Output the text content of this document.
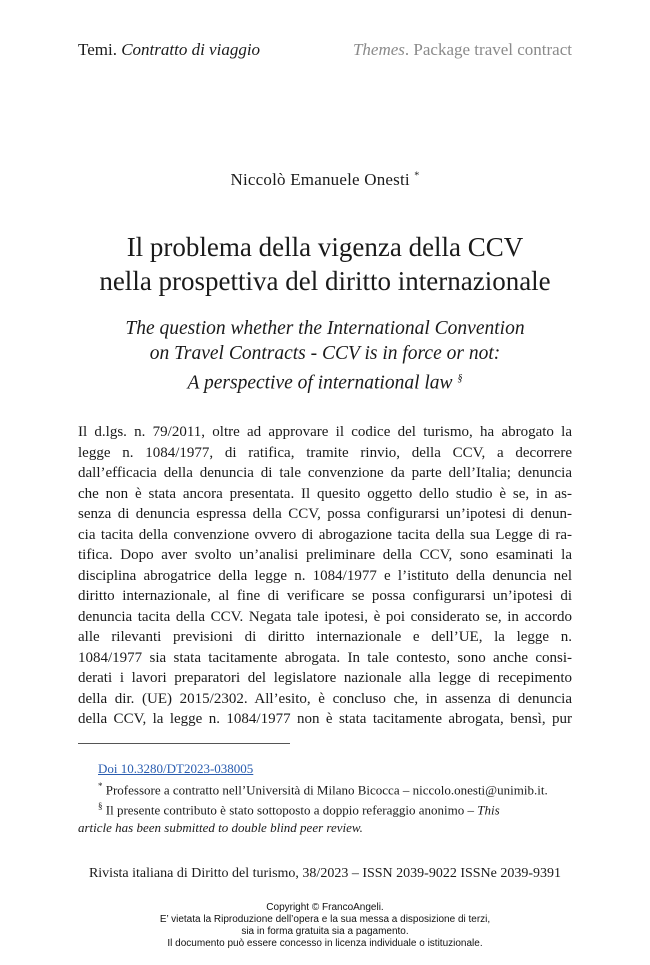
Temi. Contratto di viaggio	Themes. Package travel contract
Niccolò Emanuele Onesti *
Il problema della vigenza della CCV
nella prospettiva del diritto internazionale
The question whether the International Convention
on Travel Contracts - CCV is in force or not:
A perspective of international law §
Il d.lgs. n. 79/2011, oltre ad approvare il codice del turismo, ha abrogato la
legge n. 1084/1977, di ratifica, tramite rinvio, della CCV, a decorrere
dall’efficacia della denuncia di tale convenzione da parte dell’Italia; denuncia
che non è stata ancora presentata. Il quesito oggetto dello studio è se, in as-
senza di denuncia espressa della CCV, possa configurarsi un’ipotesi di denun-
cia tacita della convenzione ovvero di abrogazione tacita della sua Legge di ra-
tifica. Dopo aver svolto un’analisi preliminare della CCV, sono esaminati la
disciplina abrogatrice della legge n. 1084/1977 e l’istituto della denuncia nel
diritto internazionale, al fine di verificare se possa configurarsi un’ipotesi di
denuncia tacita della CCV. Negata tale ipotesi, è poi considerato se, in accordo
alle rilevanti previsioni di diritto internazionale e dell’UE, la legge n.
1084/1977 sia stata tacitamente abrogata. In tale contesto, sono anche consi-
derati i lavori preparatori del legislatore nazionale alla legge di recepimento
della dir. (UE) 2015/2302. All’esito, è concluso che, in assenza di denuncia
della CCV, la legge n. 1084/1977 non è stata tacitamente abrogata, bensì, pur
Doi 10.3280/DT2023-038005
* Professore a contratto nell’Università di Milano Bicocca – niccolo.onesti@unimib.it.
§ Il presente contributo è stato sottoposto a doppio referaggio anonimo – This
article has been submitted to double blind peer review.
Rivista italiana di Diritto del turismo, 38/2023 – ISSN 2039-9022 ISSNe 2039-9391
Copyright © FrancoAngeli.
E’ vietata la Riproduzione dell’opera e la sua messa a disposizione di terzi,
sia in forma gratuita sia a pagamento.
Il documento può essere concesso in licenza individuale o istituzionale.
